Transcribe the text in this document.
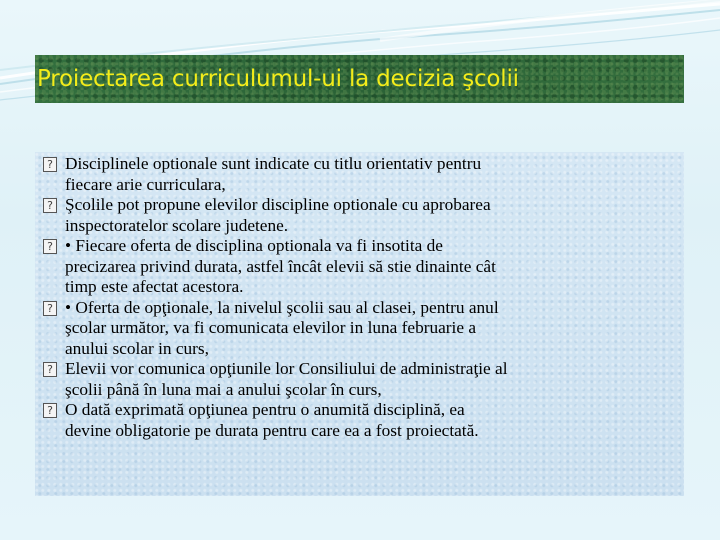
Proiectarea curriculumul-ui la decizia şcolii
? Disciplinele optionale sunt indicate cu titlu orientativ pentru
fiecare arie curriculara,
? Şcolile pot propune elevilor discipline optionale cu aprobarea
inspectoratelor scolare judetene.
? • Fiecare oferta de disciplina optionala va fi insotita de
precizarea privind durata, astfel încât elevii să stie dinainte cât
timp este afectat acestora.
? • Oferta de opţionale, la nivelul şcolii sau al clasei, pentru anul
şcolar următor, va fi comunicata elevilor in luna februarie a
anului scolar in curs,
? Elevii vor comunica opţiunile lor Consiliului de administraţie al
şcolii până în luna mai a anului şcolar în curs,
? O dată exprimată opţiunea pentru o anumită disciplină, ea
devine obligatorie pe durata pentru care ea a fost proiectată.
